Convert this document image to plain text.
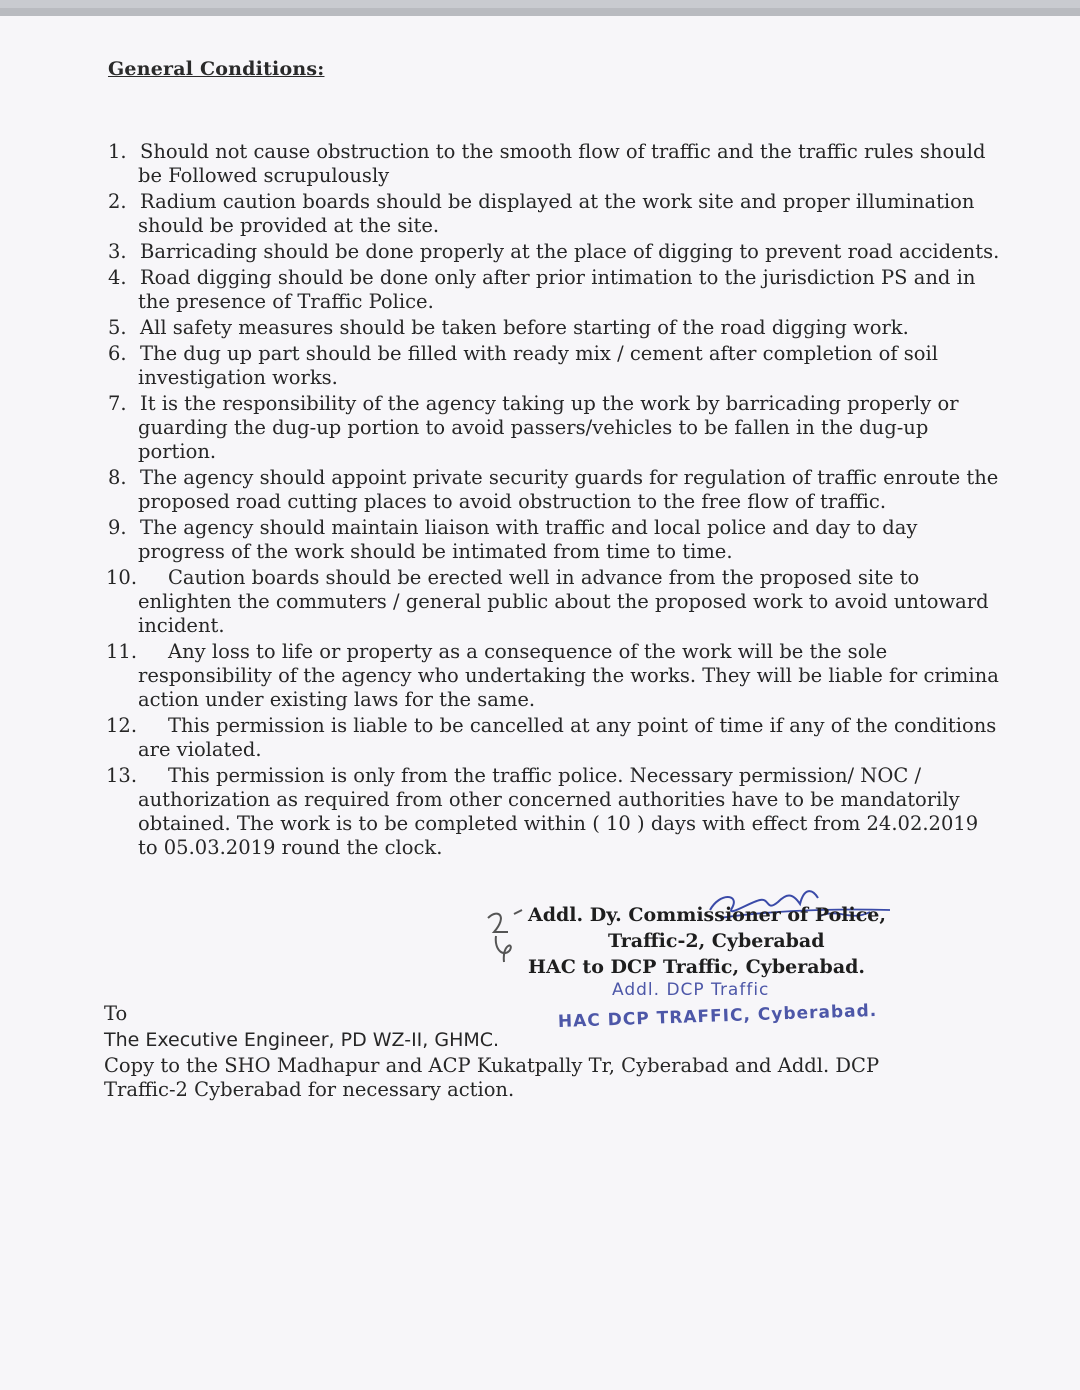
General Conditions:
1. Should not cause obstruction to the smooth flow of traffic and the traffic rules should
be Followed scrupulously
2. Radium caution boards should be displayed at the work site and proper illumination
should be provided at the site.
3. Barricading should be done properly at the place of digging to prevent road accidents.
4. Road digging should be done only after prior intimation to the jurisdiction PS and in
the presence of Traffic Police.
5. All safety measures should be taken before starting of the road digging work.
6. The dug up part should be filled with ready mix / cement after completion of soil
investigation works.
7. It is the responsibility of the agency taking up the work by barricading properly or
guarding the dug-up portion to avoid passers/vehicles to be fallen in the dug-up
portion.
8. The agency should appoint private security guards for regulation of traffic enroute the
proposed road cutting places to avoid obstruction to the free flow of traffic.
9. The agency should maintain liaison with traffic and local police and day to day
progress of the work should be intimated from time to time.
10. Caution boards should be erected well in advance from the proposed site to
enlighten the commuters / general public about the proposed work to avoid untoward
incident.
11. Any loss to life or property as a consequence of the work will be the sole
responsibility of the agency who undertaking the works. They will be liable for crimina
action under existing laws for the same.
12. This permission is liable to be cancelled at any point of time if any of the conditions
are violated.
13. This permission is only from the traffic police. Necessary permission/ NOC /
authorization as required from other concerned authorities have to be mandatorily
obtained. The work is to be completed within ( 10 ) days with effect from 24.02.2019
to 05.03.2019 round the clock.
Addl. Dy. Commissioner of Police,
Traffic-2, Cyberabad
HAC to DCP Traffic, Cyberabad.
Addl. DCP Traffic
HAC DCP TRAFFIC, Cyberabad.
To
The Executive Engineer, PD WZ-II, GHMC.
Copy to the SHO Madhapur and ACP Kukatpally Tr, Cyberabad and Addl. DCP
Traffic-2 Cyberabad for necessary action.
